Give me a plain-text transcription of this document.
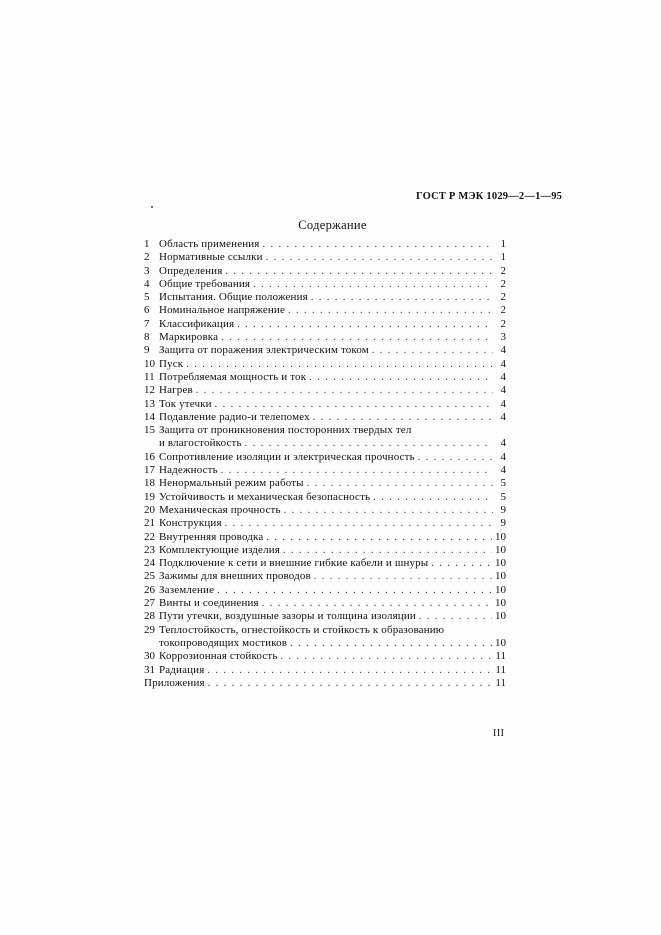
ГОСТ Р МЭК 1029—2—1—95
Содержание
1 Область применения . . .	1
2 Нормативные ссылки . . .	1
3 Определения . . .	2
4 Общие требования . . .	2
5 Испытания. Общие положения . . .	2
6 Номинальное напряжение . . .	2
7 Классификация . . .	2
8 Маркировка . . .	3
9 Защита от поражения электрическим током . . .	4
10 Пуск . . .	4
11 Потребляемая мощность и ток . . .	4
12 Нагрев . . .	4
13 Ток утечки . . .	4
14 Подавление радио-и телепомех . . .	4
15 Защита от проникновения посторонних твердых тел
и влагостойкость . . .	4
16 Сопротивление изоляции и электрическая прочность . . .	4
17 Надежность . . .	4
18 Ненормальный режим работы . . .	5
19 Устойчивость и механическая безопасность . . .	5
20 Механическая прочность . . .	9
21 Конструкция . . .	9
22 Внутренняя проводка . . .	10
23 Комплектующие изделия . . .	10
24 Подключение к сети и внешние гибкие кабели и шнуры . . .	10
25 Зажимы для внешних проводов . . .	10
26 Заземление . . .	10
27 Винты и соединения . . .	10
28 Пути утечки, воздушные зазоры и толщина изоляции . . .	10
29 Теплостойкость, огнестойкость и стойкость к образованию
токопроводящих мостиков . . .	10
30 Коррозионная стойкость . . .	11
31 Радиация . . .	11
Приложения . . .	11
III
